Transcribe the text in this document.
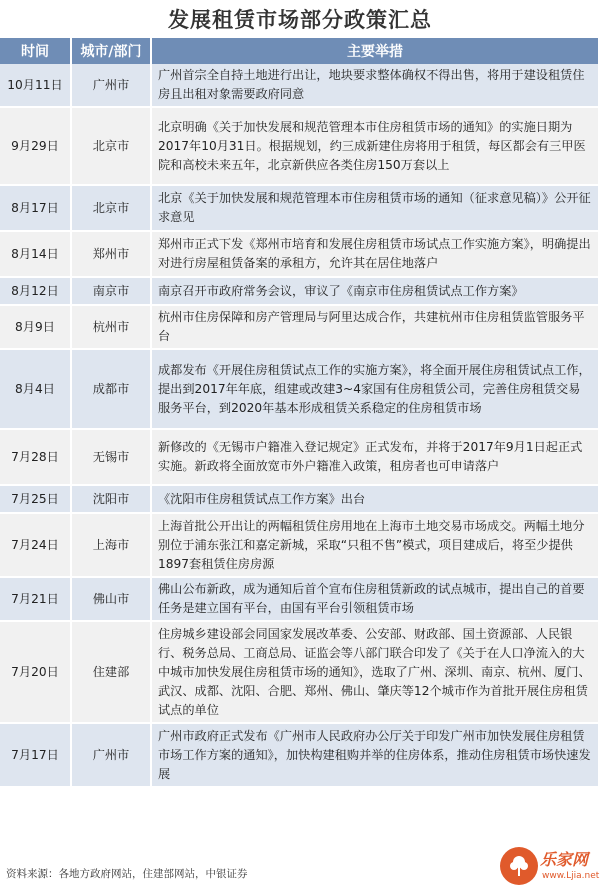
发展租赁市场部分政策汇总
时间	城市/部门	主要举措
10月11日	广州市	广州首宗全自持土地进行出让，地块要求整体确权不得出售，将用于建设租赁住房且出租对象需要政府同意
9月29日	北京市	北京明确《关于加快发展和规范管理本市住房租赁市场的通知》的实施日期为2017年10月31日。根据规划，约三成新建住房将用于租赁，每区都会有三甲医院和高校未来五年，北京新供应各类住房150万套以上
8月17日	北京市	北京《关于加快发展和规范管理本市住房租赁市场的通知（征求意见稿）》公开征求意见
8月14日	郑州市	郑州市正式下发《郑州市培育和发展住房租赁市场试点工作实施方案》，明确提出对进行房屋租赁备案的承租方，允许其在居住地落户
8月12日	南京市	南京召开市政府常务会议，审议了《南京市住房租赁试点工作方案》
8月9日	杭州市	杭州市住房保障和房产管理局与阿里达成合作，共建杭州市住房租赁监管服务平台
8月4日	成都市	成都发布《开展住房租赁试点工作的实施方案》，将全面开展住房租赁试点工作，提出到2017年年底，组建或改建3~4家国有住房租赁公司，完善住房租赁交易服务平台，到2020年基本形成租赁关系稳定的住房租赁市场
7月28日	无锡市	新修改的《无锡市户籍准入登记规定》正式发布，并将于2017年9月1日起正式实施。新政将全面放宽市外户籍准入政策，租房者也可申请落户
7月25日	沈阳市	《沈阳市住房租赁试点工作方案》出台
7月24日	上海市	上海首批公开出让的两幅租赁住房用地在上海市土地交易市场成交。两幅土地分别位于浦东张江和嘉定新城，采取“只租不售”模式，项目建成后，将至少提供1897套租赁住房房源
7月21日	佛山市	佛山公布新政，成为通知后首个宣布住房租赁新政的试点城市，提出自己的首要任务是建立国有平台，由国有平台引领租赁市场
7月20日	住建部	住房城乡建设部会同国家发展改革委、公安部、财政部、国土资源部、人民银行、税务总局、工商总局、证监会等八部门联合印发了《关于在人口净流入的大中城市加快发展住房租赁市场的通知》，选取了广州、深圳、南京、杭州、厦门、武汉、成都、沈阳、合肥、郑州、佛山、肇庆等12个城市作为首批开展住房租赁试点的单位
7月17日	广州市	广州市政府正式发布《广州市人民政府办公厅关于印发广州市加快发展住房租赁市场工作方案的通知》，加快构建租购并举的住房体系，推动住房租赁市场快速发展
资料来源：各地方政府网站，住建部网站，中银证券
乐家网
www.Ljia.net
